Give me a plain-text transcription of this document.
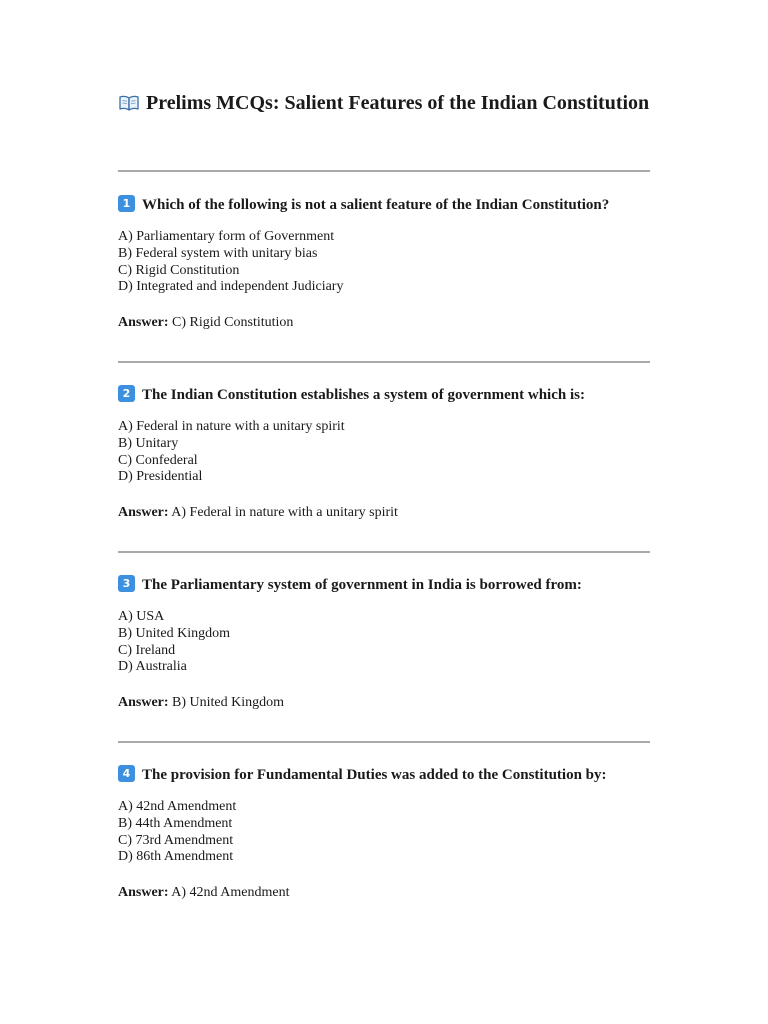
Prelims MCQs: Salient Features of the Indian Constitution
1 Which of the following is not a salient feature of the Indian Constitution?
A) Parliamentary form of Government
B) Federal system with unitary bias
C) Rigid Constitution
D) Integrated and independent Judiciary
Answer: C) Rigid Constitution
2 The Indian Constitution establishes a system of government which is:
A) Federal in nature with a unitary spirit
B) Unitary
C) Confederal
D) Presidential
Answer: A) Federal in nature with a unitary spirit
3 The Parliamentary system of government in India is borrowed from:
A) USA
B) United Kingdom
C) Ireland
D) Australia
Answer: B) United Kingdom
4 The provision for Fundamental Duties was added to the Constitution by:
A) 42nd Amendment
B) 44th Amendment
C) 73rd Amendment
D) 86th Amendment
Answer: A) 42nd Amendment
